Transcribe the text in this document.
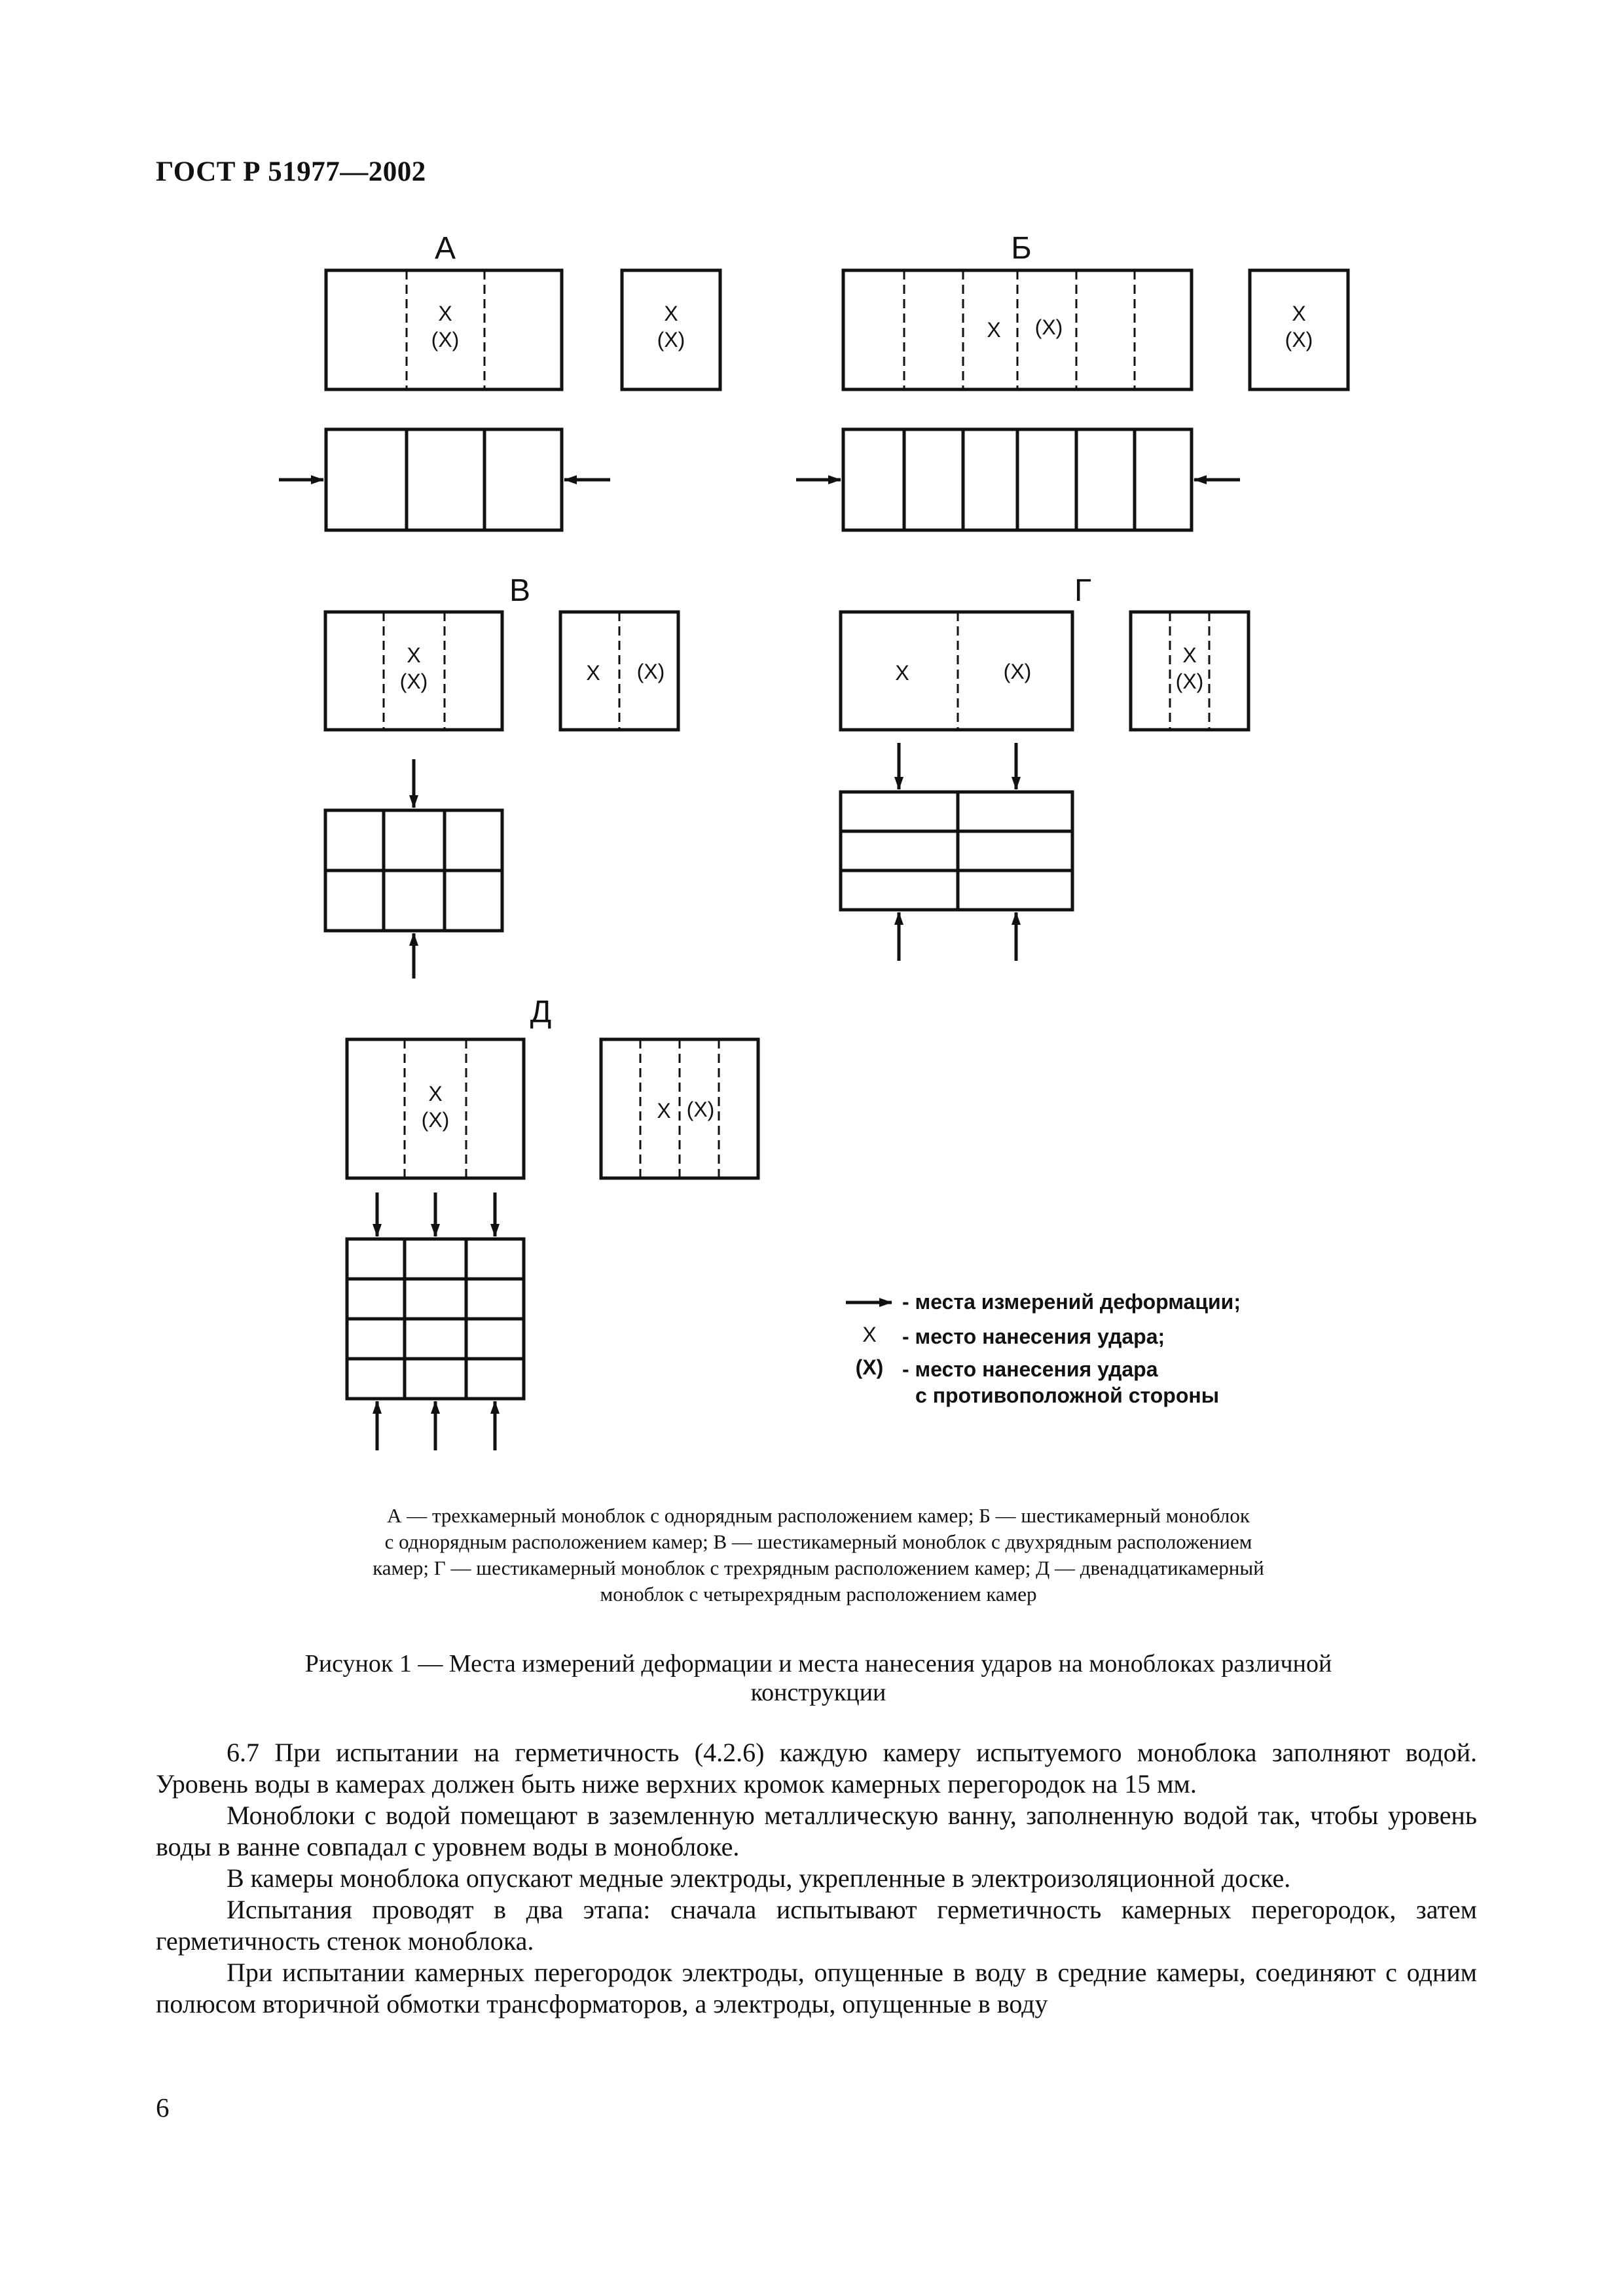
ГОСТ Р 51977—2002
А	Б
В	Г
Д
X
(X)
X
(X)	X (X)
X
(X)
X
(X)	X (X)	X	(X)
X
(X)
X
(X)	X (X)
- места измерений деформации;
X - место нанесения удара;
(X) - место нанесения удара
с противоположной стороны
А — трехкамерный моноблок с однорядным расположением камер; Б — шестикамерный моноблок
с однорядным расположением камер; В — шестикамерный моноблок с двухрядным расположением
камер; Г — шестикамерный моноблок с трехрядным расположением камер; Д — двенадцатикамерный
моноблок с четырехрядным расположением камер
Рисунок 1 — Места измерений деформации и места нанесения ударов на моноблоках различной
конструкции

6.7 При испытании на герметичность (4.2.6) каждую камеру испытуемого моноблока заполняют водой. Уровень воды в камерах должен быть ниже верхних кромок камерных перегородок на 15 мм.

Моноблоки с водой помещают в заземленную металлическую ванну, заполненную водой так, чтобы уровень воды в ванне совпадал с уровнем воды в моноблоке.

В камеры моноблока опускают медные электроды, укрепленные в электроизоляционной доске.

Испытания проводят в два этапа: сначала испытывают герметичность камерных перегородок, затем герметичность стенок моноблока.

При испытании камерных перегородок электроды, опущенные в воду в средние камеры, соединяют с одним полюсом вторичной обмотки трансформаторов, а электроды, опущенные в воду

6
